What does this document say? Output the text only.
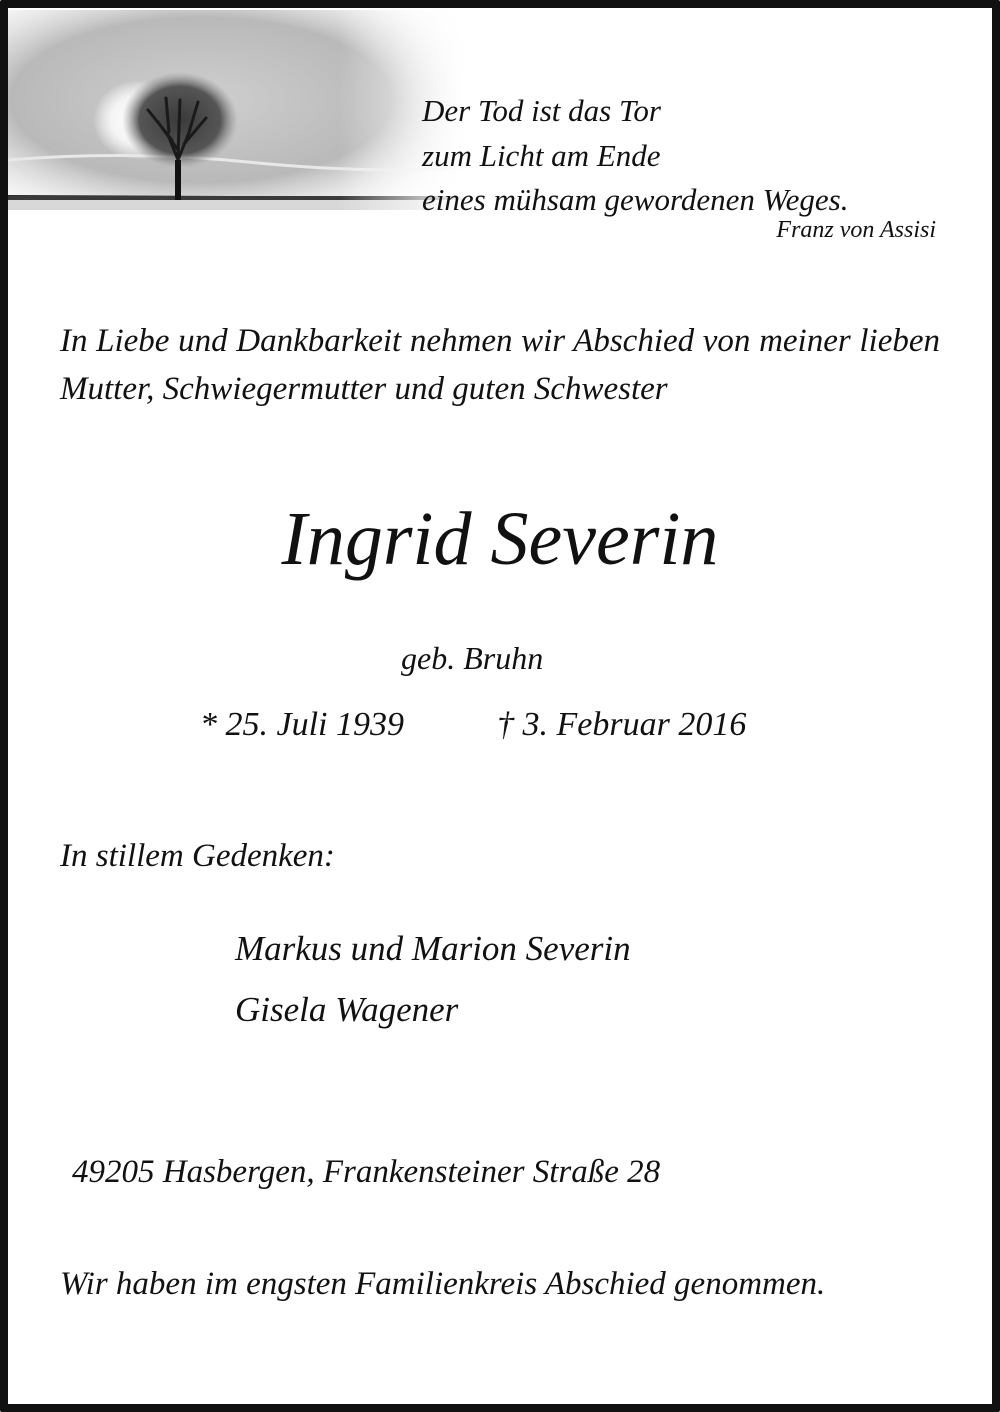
Der Tod ist das Tor

zum Licht am Ende

eines mühsam gewordenen Weges.

Franz von Assisi

In Liebe und Dankbarkeit nehmen wir Abschied von meiner lieben Mutter, Schwiegermutter und guten Schwester

Ingrid Severin

geb. Bruhn

* 25. Juli 1939	† 3. Februar 2016

In stillem Gedenken:

Markus und Marion Severin

Gisela Wagener

49205 Hasbergen, Frankensteiner Straße 28

Wir haben im engsten Familienkreis Abschied genommen.
